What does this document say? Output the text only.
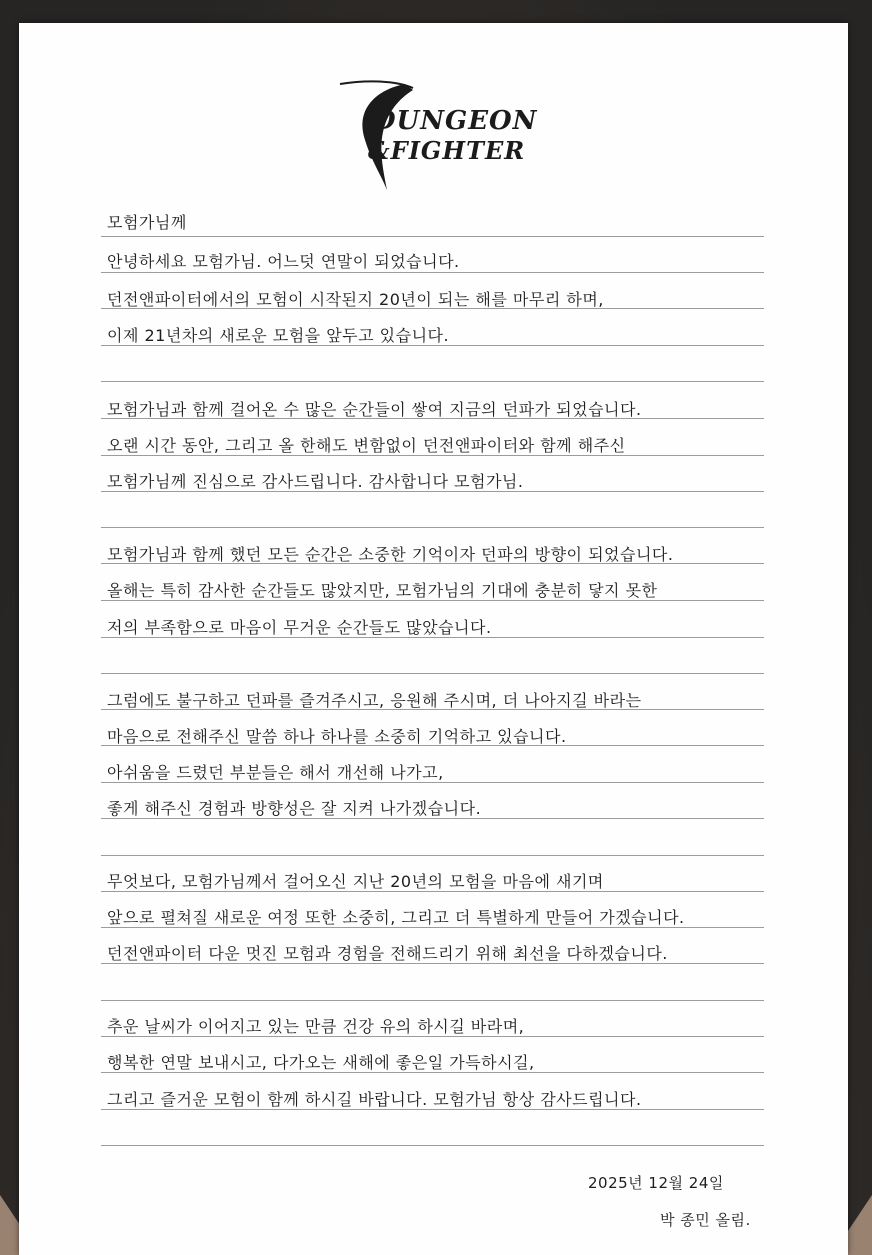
DUNGEON
&FIGHTER
모험가님께
안녕하세요 모험가님. 어느덧 연말이 되었습니다.
던전앤파이터에서의 모험이 시작된지 20년이 되는 해를 마무리 하며,
이제 21년차의 새로운 모험을 앞두고 있습니다.
모험가님과 함께 걸어온 수 많은 순간들이 쌓여 지금의 던파가 되었습니다.
오랜 시간 동안, 그리고 올 한해도 변함없이 던전앤파이터와 함께 해주신
모험가님께 진심으로 감사드립니다. 감사합니다 모험가님.
모험가님과 함께 했던 모든 순간은 소중한 기억이자 던파의 방향이 되었습니다.
올해는 특히 감사한 순간들도 많았지만, 모험가님의 기대에 충분히 닿지 못한
저의 부족함으로 마음이 무거운 순간들도 많았습니다.
그럼에도 불구하고 던파를 즐겨주시고, 응원해 주시며, 더 나아지길 바라는
마음으로 전해주신 말씀 하나 하나를 소중히 기억하고 있습니다.
아쉬움을 드렸던 부분들은 해서 개선해 나가고,
좋게 해주신 경험과 방향성은 잘 지켜 나가겠습니다.
무엇보다, 모험가님께서 걸어오신 지난 20년의 모험을 마음에 새기며
앞으로 펼쳐질 새로운 여정 또한 소중히, 그리고 더 특별하게 만들어 가겠습니다.
던전앤파이터 다운 멋진 모험과 경험을 전해드리기 위해 최선을 다하겠습니다.
추운 날씨가 이어지고 있는 만큼 건강 유의 하시길 바라며,
행복한 연말 보내시고, 다가오는 새해에 좋은일 가득하시길,
그리고 즐거운 모험이 함께 하시길 바랍니다. 모험가님 항상 감사드립니다.
2025년 12월 24일
박 종민 올림.
